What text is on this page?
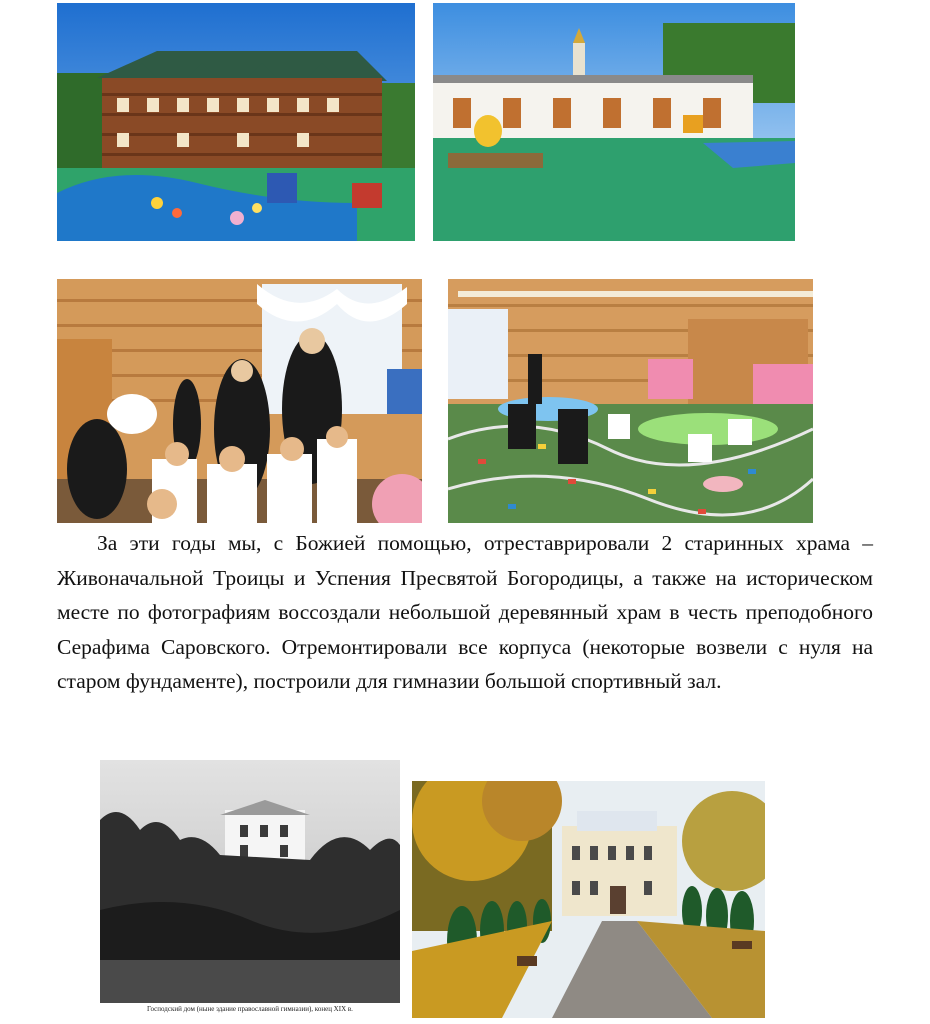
За эти годы мы, с Божией помощью, отреставрировали 2 старинных храма – Живоначальной Троицы и Успения Пресвятой Богородицы, а также на историческом месте по фотографиям воссоздали небольшой деревянный храм в честь преподобного Серафима Саровского. Отремонтировали все корпуса (некоторые возвели с нуля на старом фундаменте), построили для гимназии большой спортивный зал.

Господский дом (ныне здание православной гимназии), конец XIX в.
